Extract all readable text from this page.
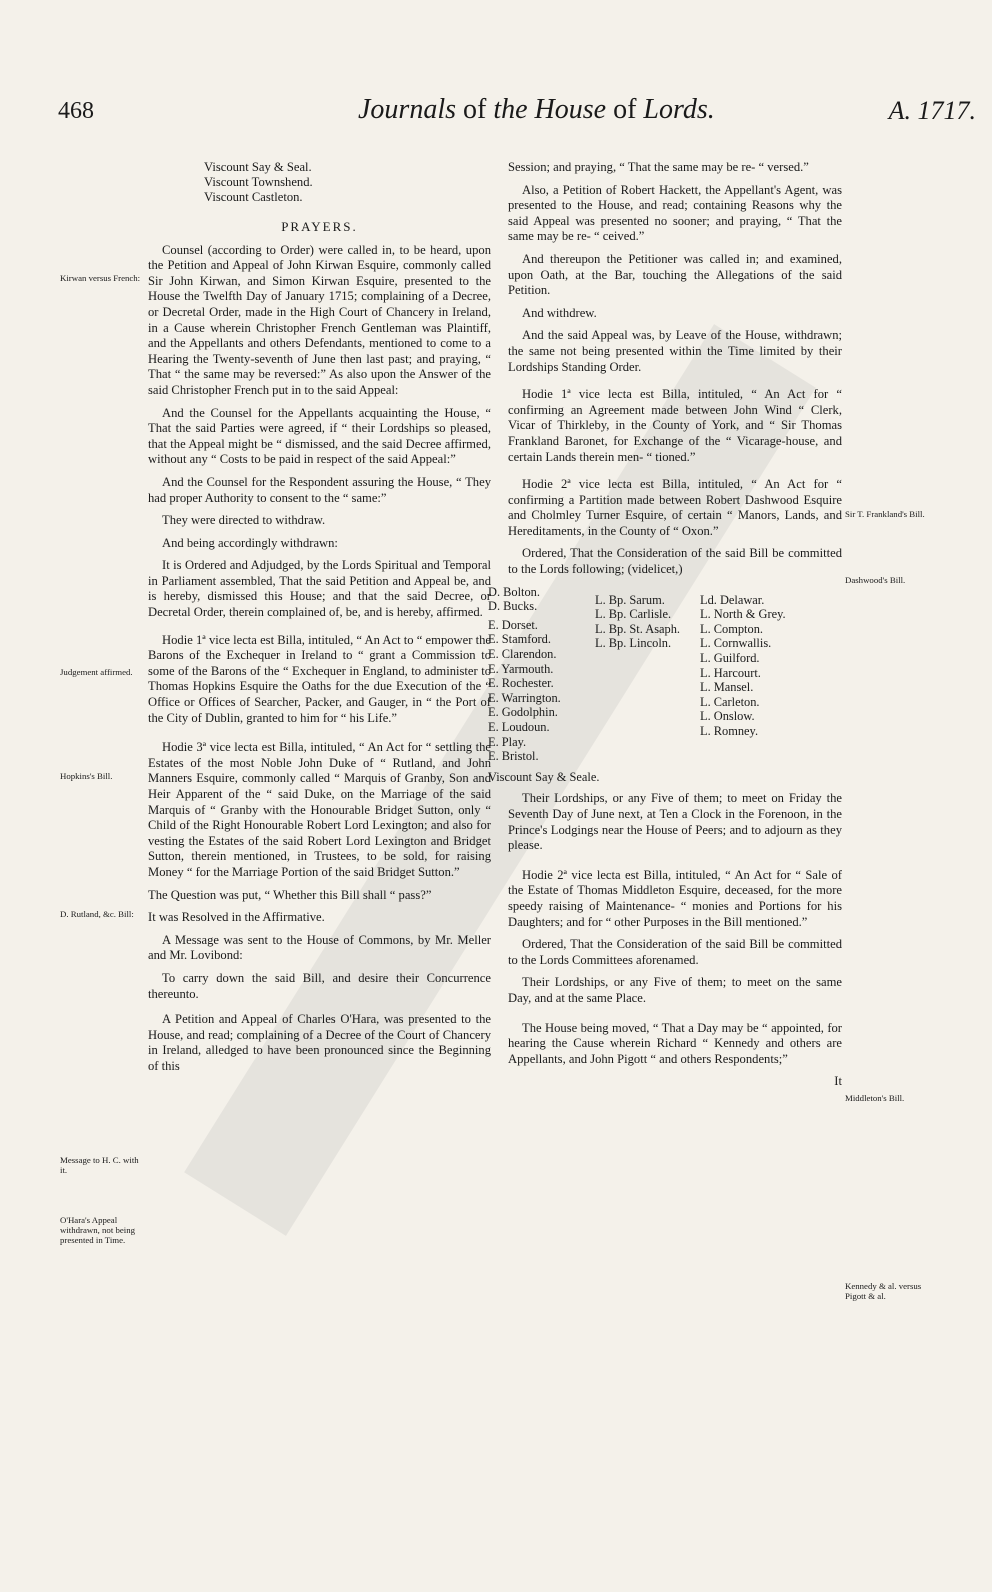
468	Journals of the House of Lords.	A. 1717.
Kirwan versus French:
Judgement affirmed.
Hopkins's Bill.
D. Rutland, &c. Bill:
Message to H. C. with it.
O'Hara's Appeal withdrawn, not being presented in Time.
Sir T. Frankland's Bill.
Dashwood's Bill.
Middleton's Bill.
Kennedy & al. versus Pigott & al.
Viscount Say & Seal.
Viscount Townshend.
Viscount Castleton.
PRAYERS.

Counsel (according to Order) were called in, to be heard, upon the Petition and Appeal of John Kirwan Esquire, commonly called Sir John Kirwan, and Simon Kirwan Esquire, presented to the House the Twelfth Day of January 1715; complaining of a Decree, or Decretal Order, made in the High Court of Chancery in Ireland, in a Cause wherein Christopher French Gentleman was Plaintiff, and the Appellants and others Defendants, mentioned to come to a Hearing the Twenty-seventh of June then last past; and praying, “ That “ the same may be reversed:” As also upon the Answer of the said Christopher French put in to the said Appeal:

And the Counsel for the Appellants acquainting the House, “ That the said Parties were agreed, if “ their Lordships so pleased, that the Appeal might be “ dismissed, and the said Decree affirmed, without any “ Costs to be paid in respect of the said Appeal:”

And the Counsel for the Respondent assuring the House, “ They had proper Authority to consent to the “ same:”

They were directed to withdraw.

And being accordingly withdrawn:

It is Ordered and Adjudged, by the Lords Spiritual and Temporal in Parliament assembled, That the said Petition and Appeal be, and is hereby, dismissed this House; and that the said Decree, or Decretal Order, therein complained of, be, and is hereby, affirmed.

Hodie 1ª vice lecta est Billa, intituled, “ An Act to “ empower the Barons of the Exchequer in Ireland to “ grant a Commission to some of the Barons of the “ Exchequer in England, to administer to Thomas Hopkins Esquire the Oaths for the due Execution of the “ Office or Offices of Searcher, Packer, and Gauger, in “ the Port of the City of Dublin, granted to him for “ his Life.”

Hodie 3ª vice lecta est Billa, intituled, “ An Act for “ settling the Estates of the most Noble John Duke of “ Rutland, and John Manners Esquire, commonly called “ Marquis of Granby, Son and Heir Apparent of the “ said Duke, on the Marriage of the said Marquis of “ Granby with the Honourable Bridget Sutton, only “ Child of the Right Honourable Robert Lord Lexington; and also for vesting the Estates of the said Robert Lord Lexington and Bridget Sutton, therein mentioned, in Trustees, to be sold, for raising Money “ for the Marriage Portion of the said Bridget Sutton.”

The Question was put, “ Whether this Bill shall “ pass?”

It was Resolved in the Affirmative.

A Message was sent to the House of Commons, by Mr. Meller and Mr. Lovibond:

To carry down the said Bill, and desire their Concurrence thereunto.

A Petition and Appeal of Charles O'Hara, was presented to the House, and read; complaining of a Decree of the Court of Chancery in Ireland, alledged to have been pronounced since the Beginning of this

Session; and praying, “ That the same may be re- “ versed.”

Also, a Petition of Robert Hackett, the Appellant's Agent, was presented to the House, and read; containing Reasons why the said Appeal was presented no sooner; and praying, “ That the same may be re- “ ceived.”

And thereupon the Petitioner was called in; and examined, upon Oath, at the Bar, touching the Allegations of the said Petition.

And withdrew.

And the said Appeal was, by Leave of the House, withdrawn; the same not being presented within the Time limited by their Lordships Standing Order.

Hodie 1ª vice lecta est Billa, intituled, “ An Act for “ confirming an Agreement made between John Wind “ Clerk, Vicar of Thirkleby, in the County of York, and “ Sir Thomas Frankland Baronet, for Exchange of the “ Vicarage-house, and certain Lands therein men- “ tioned.”

Hodie 2ª vice lecta est Billa, intituled, “ An Act for “ confirming a Partition made between Robert Dashwood Esquire and Cholmley Turner Esquire, of certain “ Manors, Lands, and Hereditaments, in the County of “ Oxon.”

Ordered, That the Consideration of the said Bill be committed to the Lords following; (videlicet,)

D. Bolton.
D. Bucks.
E. Dorset.
E. Stamford.
E. Clarendon.
E. Yarmouth.
E. Rochester.
E. Warrington.
E. Godolphin.
E. Loudoun.
E. Play.
E. Bristol.
L. Bp. Sarum.
L. Bp. Carlisle.
L. Bp. St. Asaph.
L. Bp. Lincoln.
Ld. Delawar.
L. North & Grey.
L. Compton.
L. Cornwallis.
L. Guilford.
L. Harcourt.
L. Mansel.
L. Carleton.
L. Onslow.
L. Romney.
Viscount Say & Seale.

Their Lordships, or any Five of them; to meet on Friday the Seventh Day of June next, at Ten a Clock in the Forenoon, in the Prince's Lodgings near the House of Peers; and to adjourn as they please.

Hodie 2ª vice lecta est Billa, intituled, “ An Act for “ Sale of the Estate of Thomas Middleton Esquire, deceased, for the more speedy raising of Maintenance- “ monies and Portions for his Daughters; and for “ other Purposes in the Bill mentioned.”

Ordered, That the Consideration of the said Bill be committed to the Lords Committees aforenamed.

Their Lordships, or any Five of them; to meet on the same Day, and at the same Place.

The House being moved, “ That a Day may be “ appointed, for hearing the Cause wherein Richard “ Kennedy and others are Appellants, and John Pigott “ and others Respondents;”

It
